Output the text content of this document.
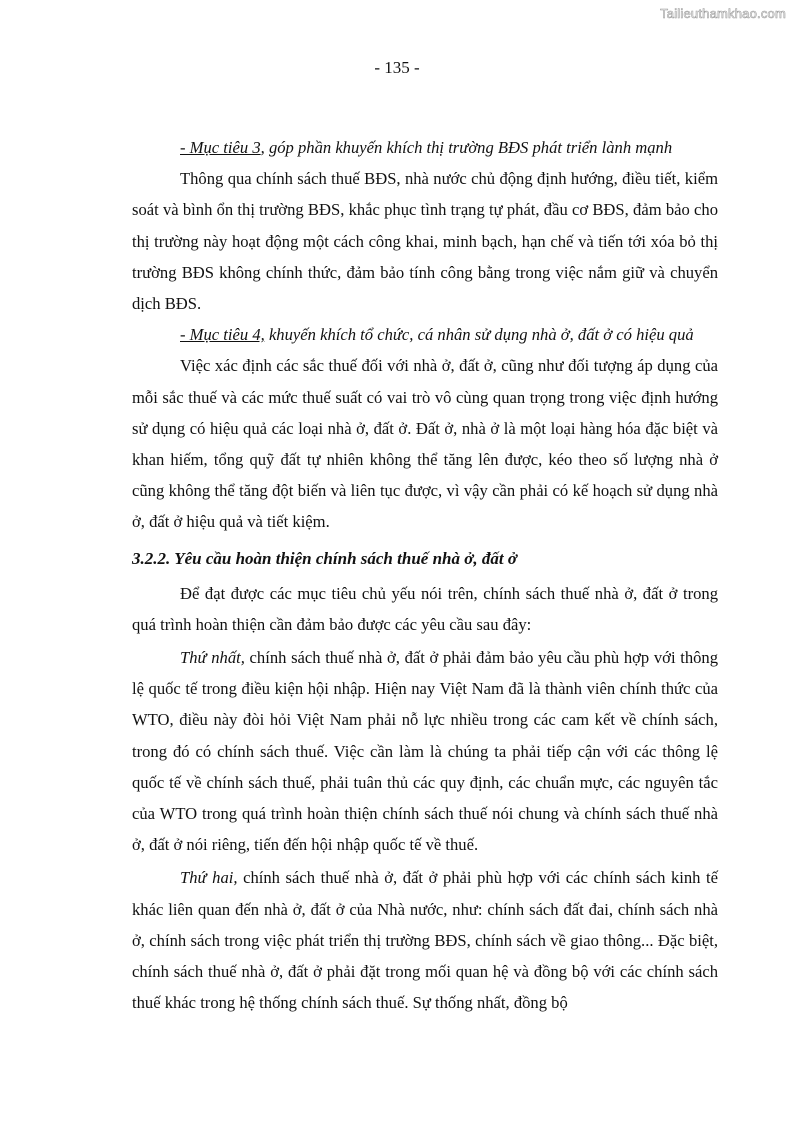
Tailieuthamkhao.com
- 135 -

- Mục tiêu 3, góp phần khuyến khích thị trường BĐS phát triển lành mạnh

Thông qua chính sách thuế BĐS, nhà nước chủ động định hướng, điều tiết, kiểm soát và bình ổn thị trường BĐS, khắc phục tình trạng tự phát, đầu cơ BĐS, đảm bảo cho thị trường này hoạt động một cách công khai, minh bạch, hạn chế và tiến tới xóa bỏ thị trường BĐS không chính thức, đảm bảo tính công bằng trong việc nắm giữ và chuyển dịch BĐS.

- Mục tiêu 4, khuyến khích tổ chức, cá nhân sử dụng nhà ở, đất ở có hiệu quả

Việc xác định các sắc thuế đối với nhà ở, đất ở, cũng như đối tượng áp dụng của mỗi sắc thuế và các mức thuế suất có vai trò vô cùng quan trọng trong việc định hướng sử dụng có hiệu quả các loại nhà ở, đất ở. Đất ở, nhà ở là một loại hàng hóa đặc biệt và khan hiếm, tổng quỹ đất tự nhiên không thể tăng lên được, kéo theo số lượng nhà ở cũng không thể tăng đột biến và liên tục được, vì vậy cần phải có kế hoạch sử dụng nhà ở, đất ở hiệu quả và tiết kiệm.

3.2.2. Yêu cầu hoàn thiện chính sách thuế nhà ở, đất ở

Để đạt được các mục tiêu chủ yếu nói trên, chính sách thuế nhà ở, đất ở trong quá trình hoàn thiện cần đảm bảo được các yêu cầu sau đây:

Thứ nhất, chính sách thuế nhà ở, đất ở phải đảm bảo yêu cầu phù hợp với thông lệ quốc tế trong điều kiện hội nhập. Hiện nay Việt Nam đã là thành viên chính thức của WTO, điều này đòi hỏi Việt Nam phải nỗ lực nhiều trong các cam kết về chính sách, trong đó có chính sách thuế. Việc cần làm là chúng ta phải tiếp cận với các thông lệ quốc tế về chính sách thuế, phải tuân thủ các quy định, các chuẩn mực, các nguyên tắc của WTO trong quá trình hoàn thiện chính sách thuế nói chung và chính sách thuế nhà ở, đất ở nói riêng, tiến đến hội nhập quốc tế về thuế.

Thứ hai, chính sách thuế nhà ở, đất ở phải phù hợp với các chính sách kinh tế khác liên quan đến nhà ở, đất ở của Nhà nước, như: chính sách đất đai, chính sách nhà ở, chính sách trong việc phát triển thị trường BĐS, chính sách về giao thông... Đặc biệt, chính sách thuế nhà ở, đất ở phải đặt trong mối quan hệ và đồng bộ với các chính sách thuế khác trong hệ thống chính sách thuế. Sự thống nhất, đồng bộ
